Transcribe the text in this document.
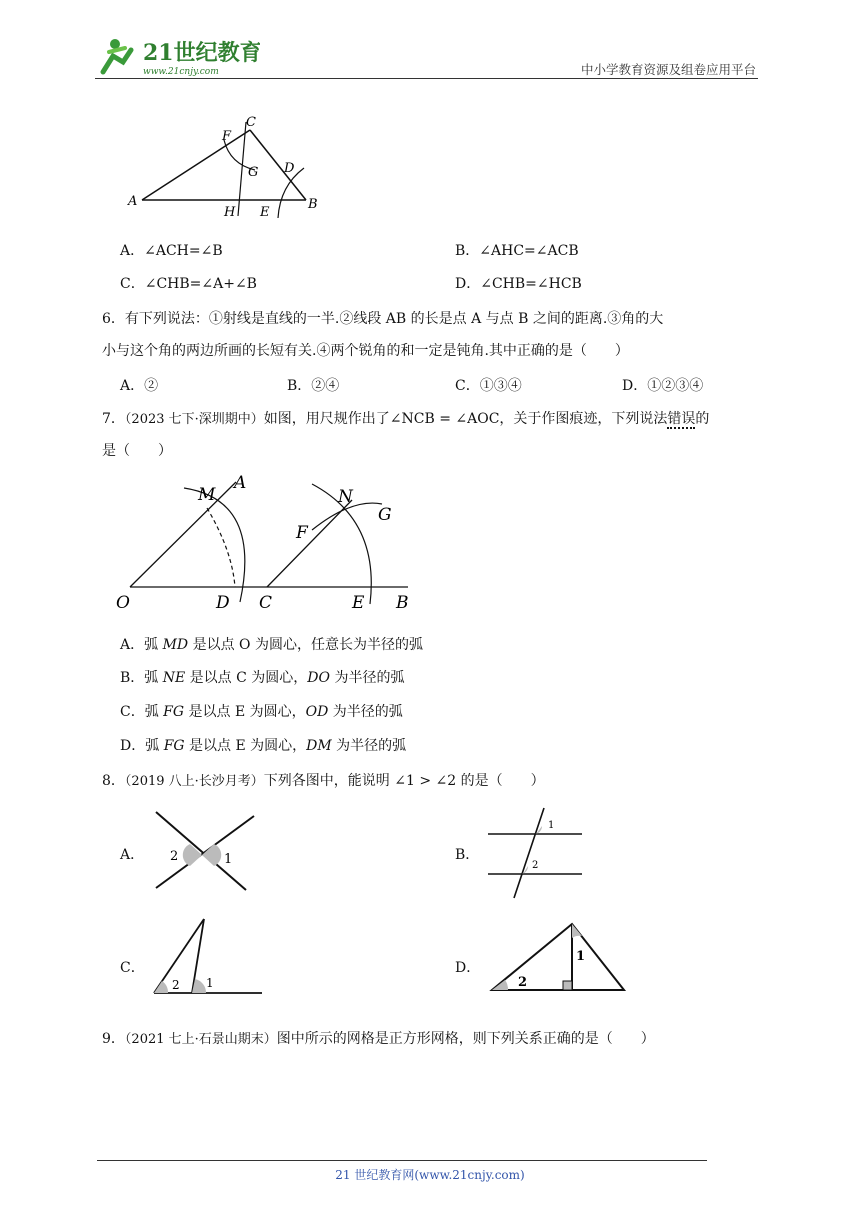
21世纪教育
www.21cnjy.com	中小学教育资源及组卷应用平台
A	B
C
F
G D
H E
A．∠ACH=∠B	B．∠AHC=∠ACB
C．∠CHB=∠A+∠B	D．∠CHB=∠HCB
6．有下列说法：①射线是直线的一半.②线段 AB 的长是点 A 与点 B 之间的距离.③角的大
小与这个角的两边所画的长短有关.④两个锐角的和一定是钝角.其中正确的是（　　）
A．②	B．②④	C．①③④	D．①②③④
7．（2023 七下·深圳期中）如图，用尺规作出了∠NCB = ∠AOC，关于作图痕迹，下列说法错误的
是（　　）
M
A
N
G
F
O	D C	E B
A．弧 MD 是以点 O 为圆心，任意长为半径的弧
B．弧 NE 是以点 C 为圆心，DO 为半径的弧
C．弧 FG 是以点 E 为圆心，OD 为半径的弧
D．弧 FG 是以点 E 为圆心，DM 为半径的弧
8．（2019 八上·长沙月考）下列各图中，能说明 ∠1 > ∠2 的是（　　）
A． 2	1	B．
1
2
C．
2 1
D．
1
2
9．（2021 七上·石景山期末）图中所示的网格是正方形网格，则下列关系正确的是（　　）
21 世纪教育网(www.21cnjy.com)
